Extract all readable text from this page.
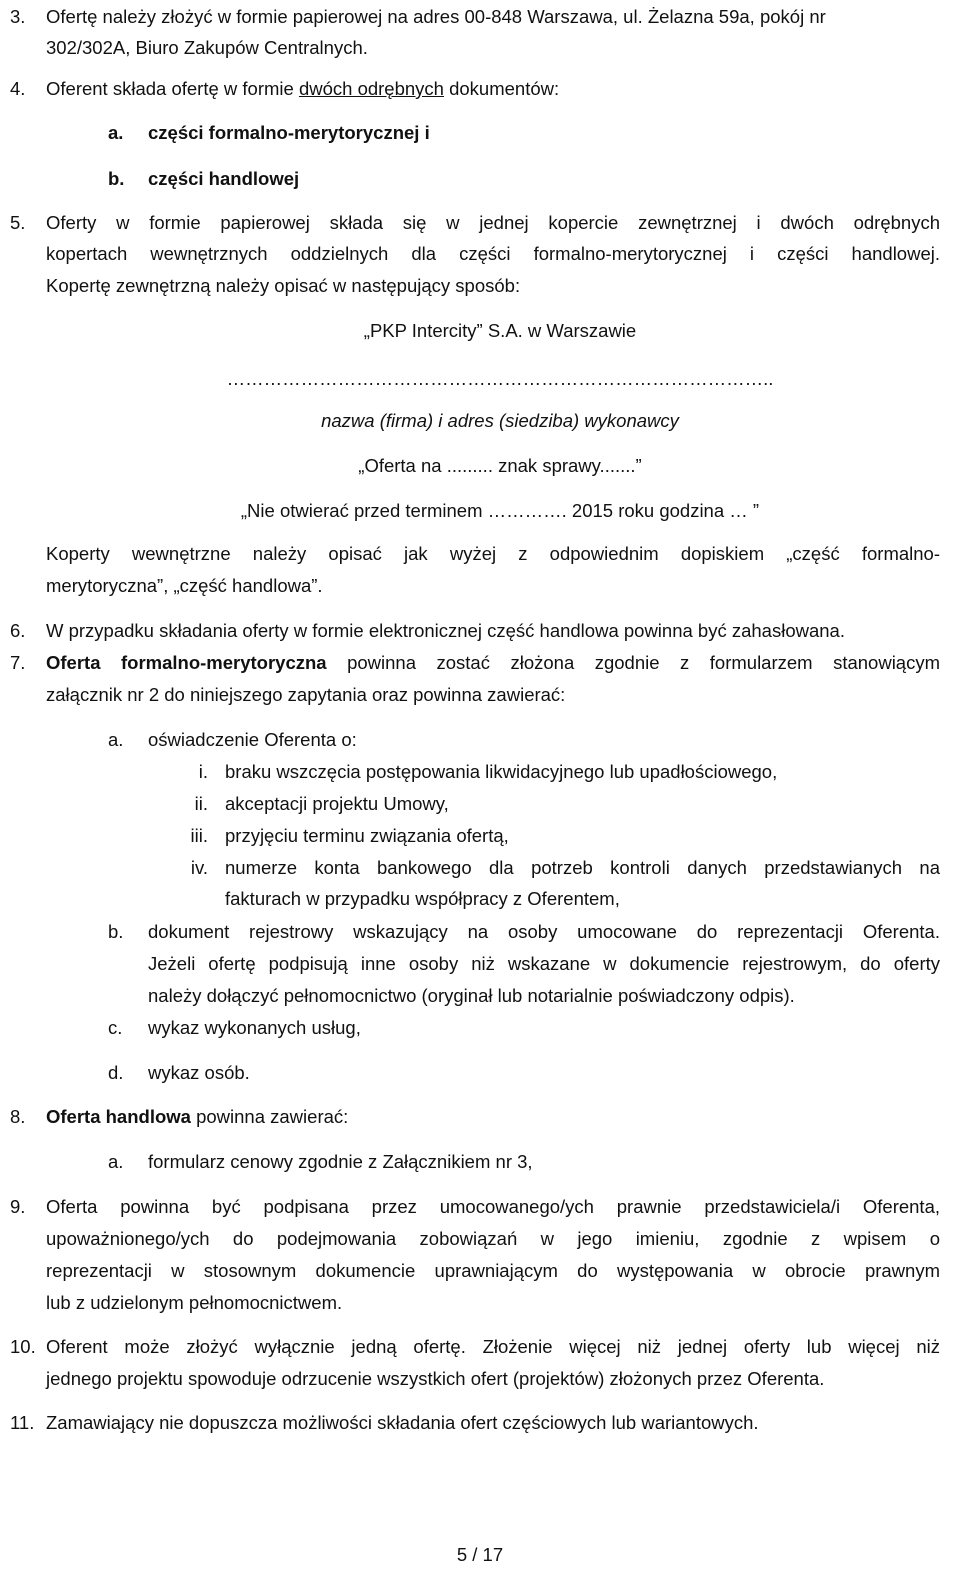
3. Ofertę należy złożyć w formie papierowej na adres 00-848 Warszawa, ul. Żelazna 59a, pokój nr
302/302A, Biuro Zakupów Centralnych.
4. Oferent składa ofertę w formie dwóch odrębnych dokumentów:
a. części formalno-merytorycznej i
b. części handlowej
5. Oferty w formie papierowej składa się w jednej kopercie zewnętrznej i dwóch odrębnych
kopertach wewnętrznych oddzielnych dla części formalno-merytorycznej i części handlowej.
Kopertę zewnętrzną należy opisać w następujący sposób:
„PKP Intercity” S.A. w Warszawie
……………………………………………………………………………..
nazwa (firma) i adres (siedziba) wykonawcy
„Oferta na ......... znak sprawy.......”
„Nie otwierać przed terminem …………. 2015 roku godzina … ”
Koperty wewnętrzne należy opisać jak wyżej z odpowiednim dopiskiem „część formalno-
merytoryczna”, „część handlowa”.
6. W przypadku składania oferty w formie elektronicznej część handlowa powinna być zahasłowana.
7. Oferta formalno-merytoryczna powinna zostać złożona zgodnie z formularzem stanowiącym
załącznik nr 2 do niniejszego zapytania oraz powinna zawierać:
a. oświadczenie Oferenta o:
i. braku wszczęcia postępowania likwidacyjnego lub upadłościowego,
ii. akceptacji projektu Umowy,
iii. przyjęciu terminu związania ofertą,
iv. numerze konta bankowego dla potrzeb kontroli danych przedstawianych na
fakturach w przypadku współpracy z Oferentem,
b. dokument rejestrowy wskazujący na osoby umocowane do reprezentacji Oferenta.
Jeżeli ofertę podpisują inne osoby niż wskazane w dokumencie rejestrowym, do oferty
należy dołączyć pełnomocnictwo (oryginał lub notarialnie poświadczony odpis).
c. wykaz wykonanych usług,
d. wykaz osób.
8. Oferta handlowa powinna zawierać:
a. formularz cenowy zgodnie z Załącznikiem nr 3,
9. Oferta powinna być podpisana przez umocowanego/ych prawnie przedstawiciela/i Oferenta,
upoważnionego/ych do podejmowania zobowiązań w jego imieniu, zgodnie z wpisem o
reprezentacji w stosownym dokumencie uprawniającym do występowania w obrocie prawnym
lub z udzielonym pełnomocnictwem.
10. Oferent może złożyć wyłącznie jedną ofertę. Złożenie więcej niż jednej oferty lub więcej niż
jednego projektu spowoduje odrzucenie wszystkich ofert (projektów) złożonych przez Oferenta.
11. Zamawiający nie dopuszcza możliwości składania ofert częściowych lub wariantowych.
5 / 17
